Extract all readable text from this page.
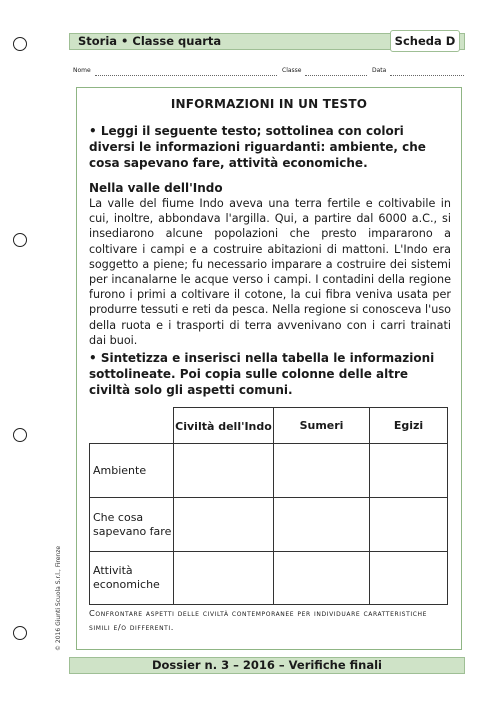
Storia • Classe quarta	Scheda D
Nome	Classe	Data
INFORMAZIONI IN UN TESTO
• Leggi il seguente testo; sottolinea con colori diversi le informazioni riguardanti: ambiente, che cosa sapevano fare, attività economiche.
Nella valle dell'Indo
La valle del fiume Indo aveva una terra fertile e coltivabile in cui, inoltre, abbondava l'argilla. Qui, a partire dal 6000 a.C., si insediarono alcune popolazioni che presto impararono a coltivare i campi e a costruire abitazioni di mattoni. L'Indo era soggetto a piene; fu necessario imparare a costruire dei sistemi per incanalarne le acque verso i campi. I contadini della regione furono i primi a coltivare il cotone, la cui fibra veniva usata per produrre tessuti e reti da pesca. Nella regione si conosceva l'uso della ruota e i trasporti di terra avvenivano con i carri trainati dai buoi.
• Sintetizza e inserisci nella tabella le informazioni sottolineate. Poi copia sulle colonne delle altre civiltà solo gli aspetti comuni.
	Civiltà dell'Indo	Sumeri	Egizi
Ambiente			
Che cosa sapevano fare			
Attività economiche			
Confrontare aspetti delle civiltà contemporanee per individuare caratteristiche simili e/o differenti.
© 2016 Giunti Scuola S.r.l., Firenze
Dossier n. 3 – 2016 – Verifiche finali
